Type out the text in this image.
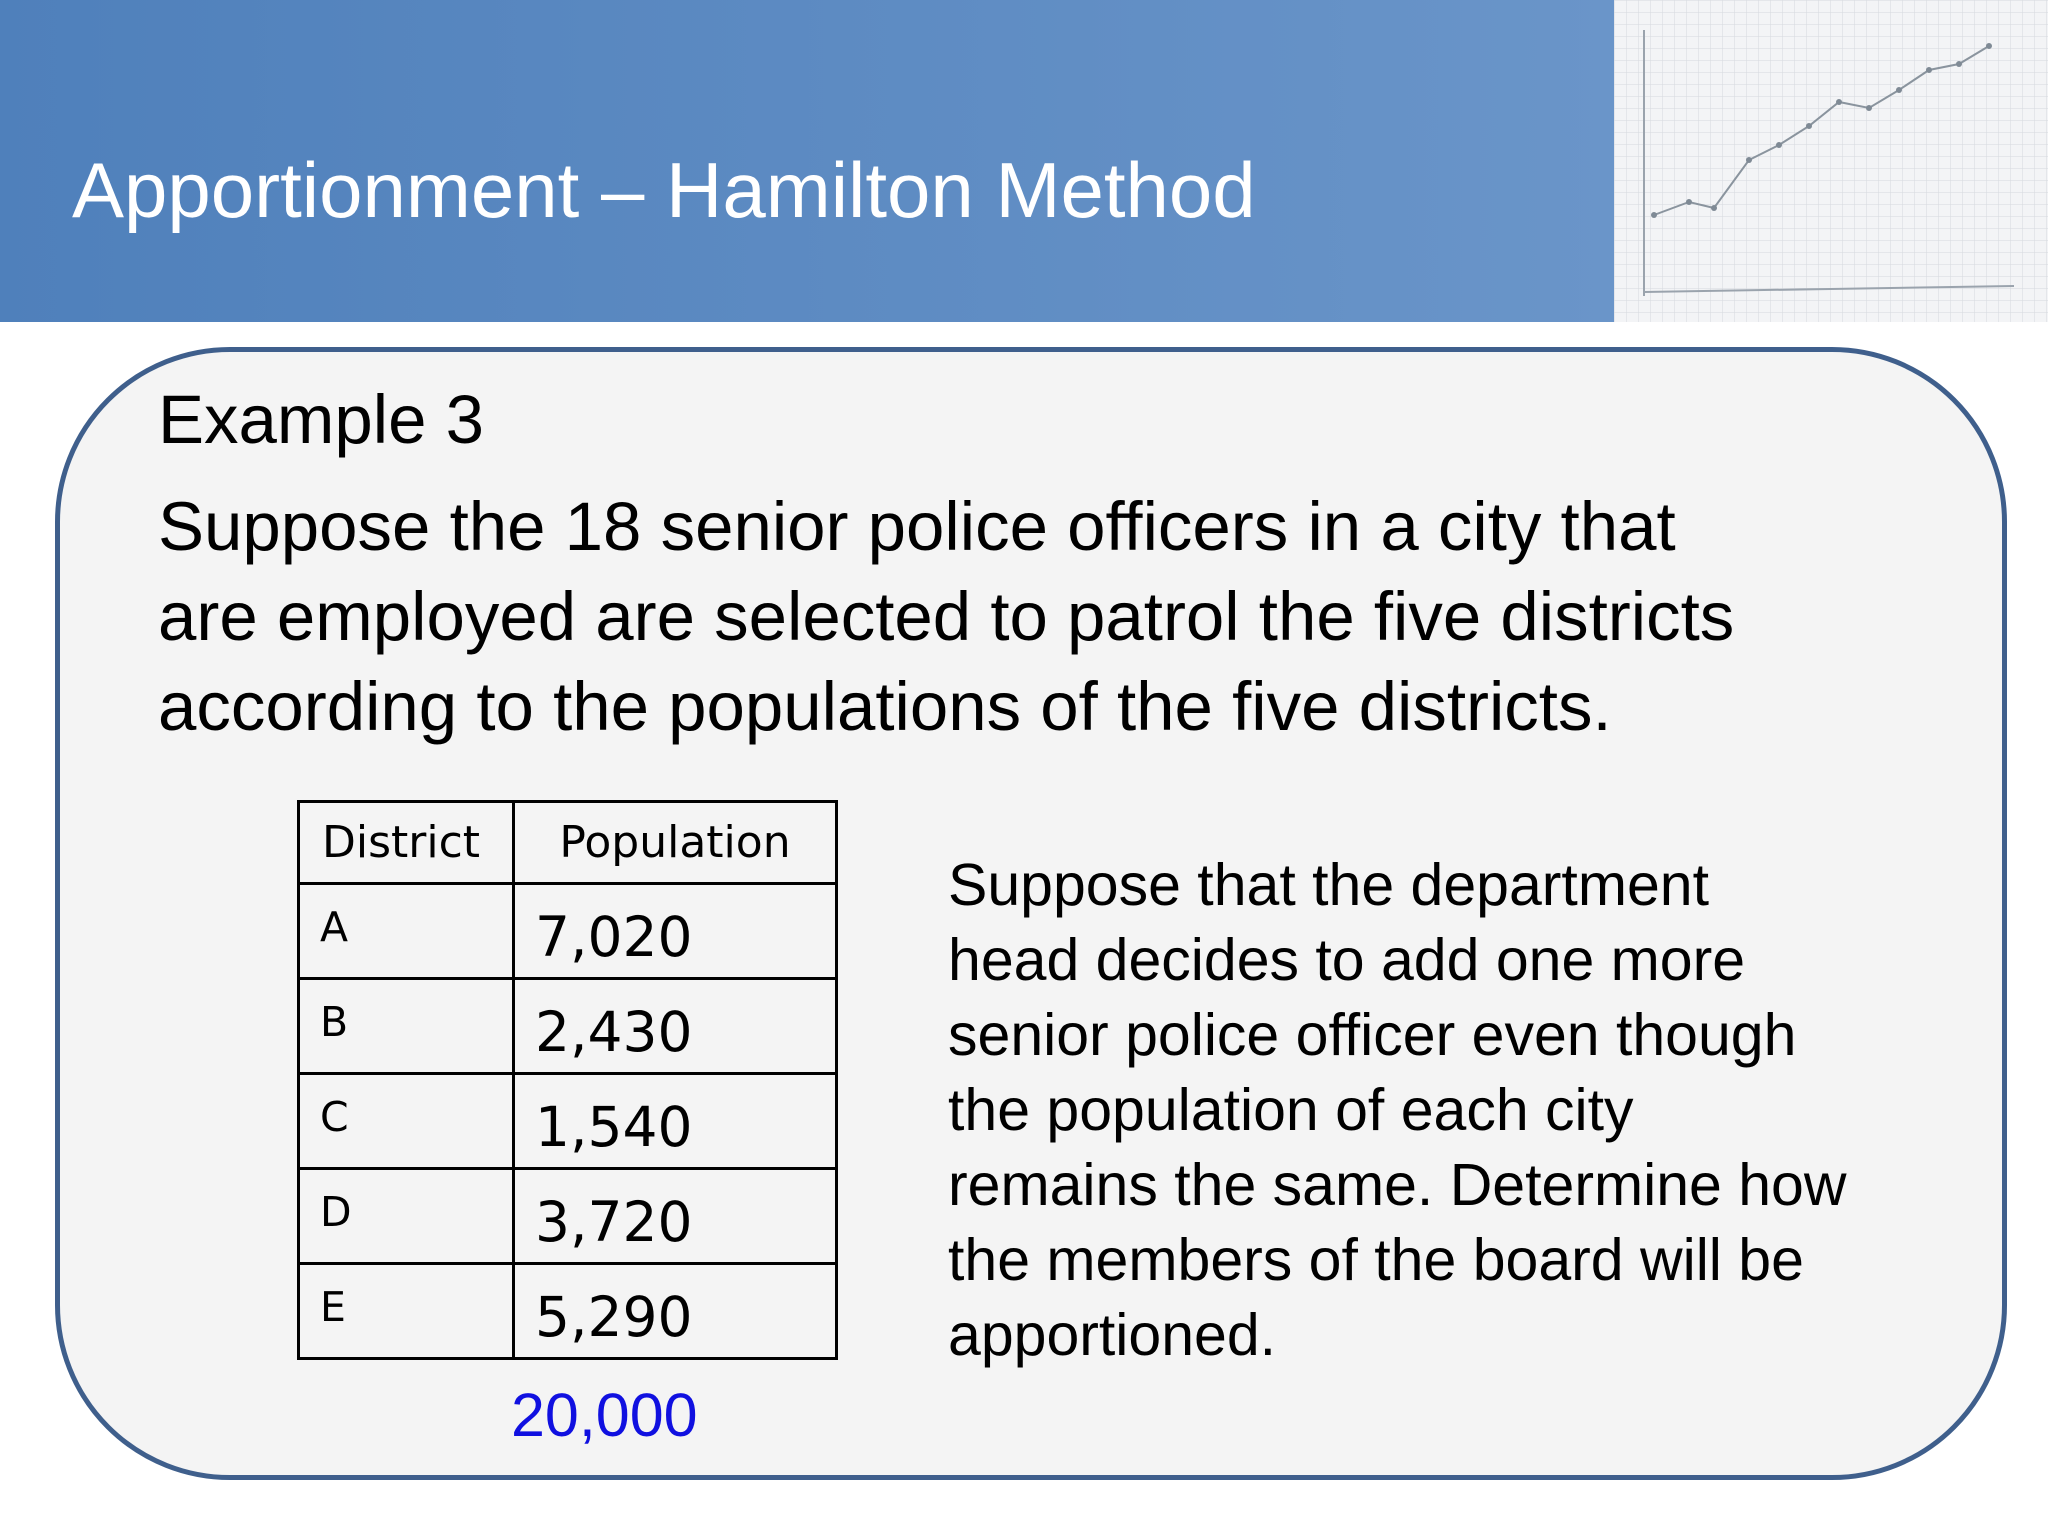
Apportionment – Hamilton Method
Example 3
Suppose the 18 senior police officers in a city that
are employed are selected to patrol the five districts
according to the populations of the five districts.
District	Population
A	7,020
B	2,430
C	1,540
D	3,720
E	5,290
20,000
Suppose that the department
head decides to add one more
senior police officer even though
the population of each city
remains the same. Determine how
the members of the board will be
apportioned.
